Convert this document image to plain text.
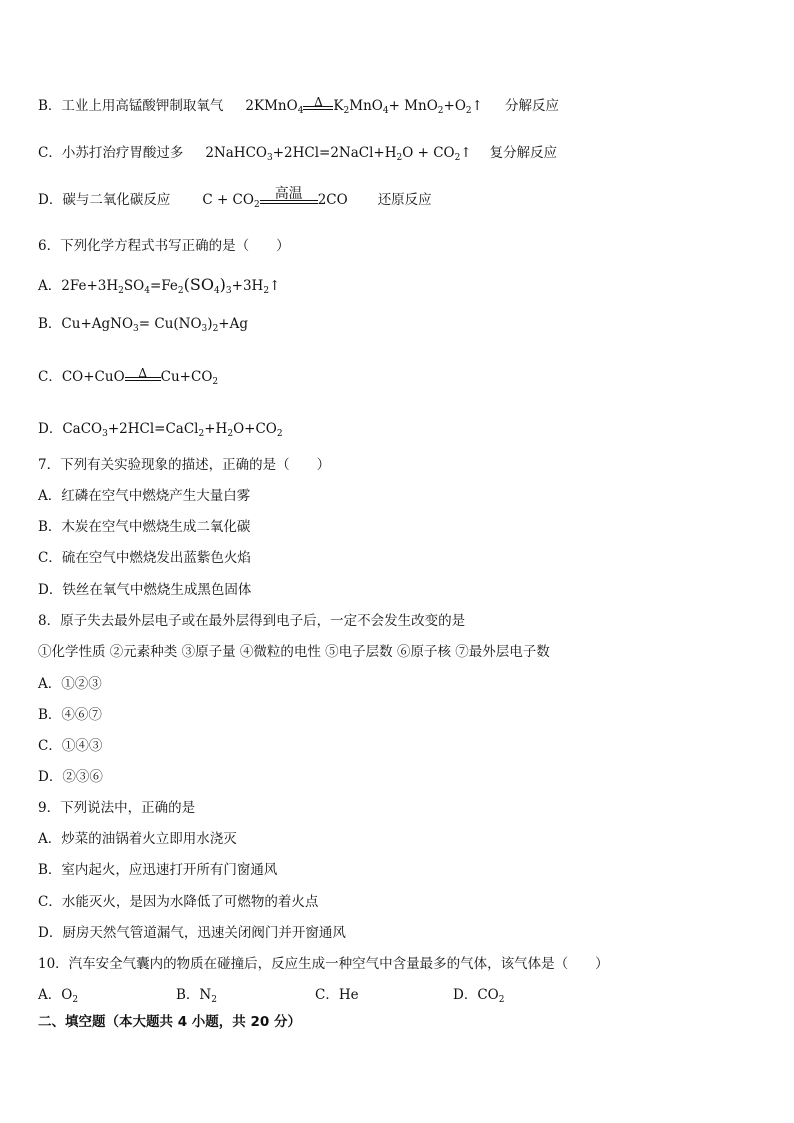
B．工业上用高锰酸钾制取氧气 2KMnO$_4$
Δ $K_2MnO_4+$ $MnO_2+O_2↑$ 分解反应
C．小苏打治疗胃酸过多 $2NaHCO_3+2HCl=2NaCl+H_2O$ + $CO_2↑$ 复分解反应
D．碳与二氧化碳反应 $C + CO_2$
高温	2CO 还原反应
6．下列化学方程式书写正确的是（　　）
A．$2Fe+3H_2SO_4=Fe_2(SO_4)_3+3H_2↑$
B．Cu+AgNO$_3$= $Cu(NO_3)_2+Ag$
C．CO+CuO	Δ	$Cu+CO_2$
D．$CaCO_3+2HCl=CaCl_2+H_2O+CO_2$
7．下列有关实验现象的描述，正确的是（　　）
A．红磷在空气中燃烧产生大量白雾
B．木炭在空气中燃烧生成二氧化碳
C．硫在空气中燃烧发出蓝紫色火焰
D．铁丝在氧气中燃烧生成黑色固体
8．原子失去最外层电子或在最外层得到电子后，一定不会发生改变的是
①化学性质 ②元素种类 ③原子量 ④微粒的电性 ⑤电子层数 ⑥原子核 ⑦最外层电子数
A．①②③
B．④⑥⑦
C．①④③
D．②③⑥
9．下列说法中，正确的是
A．炒菜的油锅着火立即用水浇灭
B．室内起火，应迅速打开所有门窗通风
C．水能灭火，是因为水降低了可燃物的着火点
D．厨房天然气管道漏气，迅速关闭阀门并开窗通风
10．汽车安全气囊内的物质在碰撞后，反应生成一种空气中含量最多的气体，该气体是（　　）
A．$O_2$	B．$N_2$	C．He	D．$CO_2$
二、填空题（本大题共 4 小题，共 20 分）
